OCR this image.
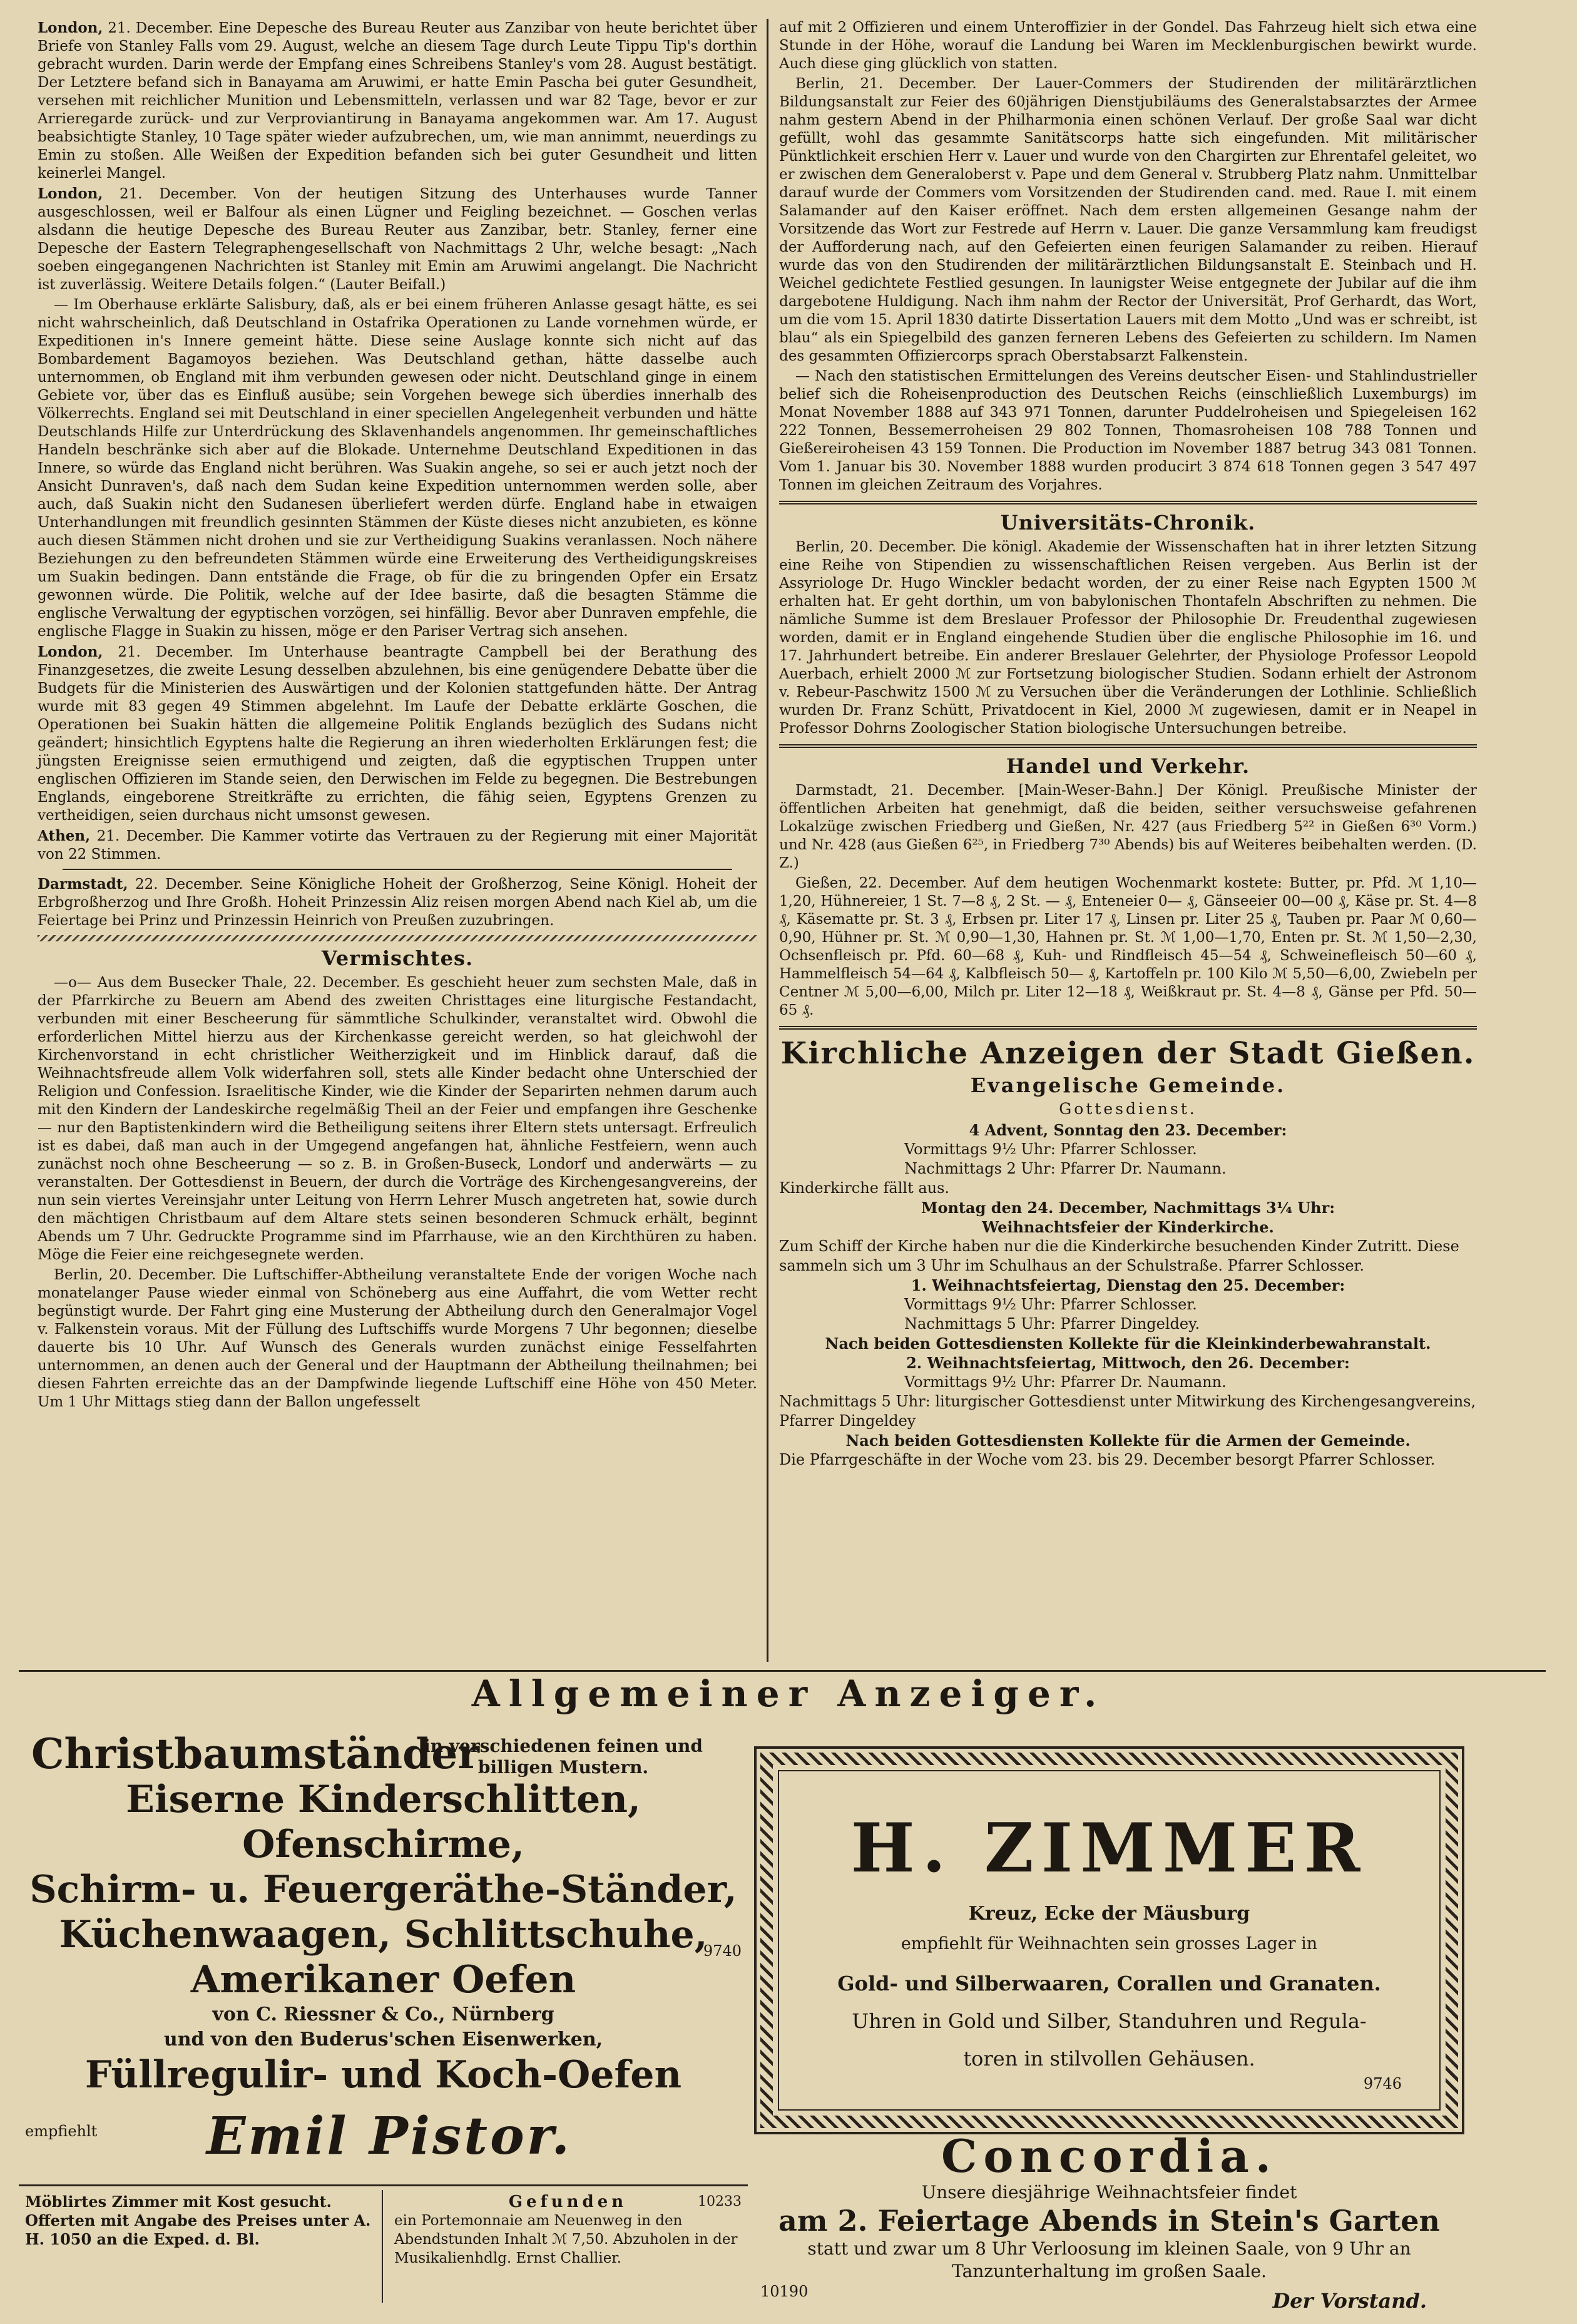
London, 21. December. Eine Depesche des Bureau Reuter aus Zanzibar von heute berichtet über Briefe von Stanley Falls vom 29. August, welche an diesem Tage durch Leute Tippu Tip's dorthin gebracht wurden. Darin werde der Empfang eines Schreibens Stanley's vom 28. August bestätigt. Der Letztere befand sich in Banayama am Aruwimi, er hatte Emin Pascha bei guter Gesundheit, versehen mit reichlicher Munition und Lebensmitteln, verlassen und war 82 Tage, bevor er zur Arrieregarde zurück- und zur Verproviantirung in Banayama angekommen war. Am 17. August beabsichtigte Stanley, 10 Tage später wieder aufzubrechen, um, wie man annimmt, neuerdings zu Emin zu stoßen. Alle Weißen der Expedition befanden sich bei guter Gesundheit und litten keinerlei Mangel.

London, 21. December. Von der heutigen Sitzung des Unterhauses wurde Tanner ausgeschlossen, weil er Balfour als einen Lügner und Feigling bezeichnet. — Goschen verlas alsdann die heutige Depesche des Bureau Reuter aus Zanzibar, betr. Stanley, ferner eine Depesche der Eastern Telegraphengesellschaft von Nachmittags 2 Uhr, welche besagt: „Nach soeben eingegangenen Nachrichten ist Stanley mit Emin am Aruwimi angelangt. Die Nachricht ist zuverlässig. Weitere Details folgen.“ (Lauter Beifall.)

— Im Oberhause erklärte Salisbury, daß, als er bei einem früheren Anlasse gesagt hätte, es sei nicht wahrscheinlich, daß Deutschland in Ostafrika Operationen zu Lande vornehmen würde, er Expeditionen in's Innere gemeint hätte. Diese seine Auslage konnte sich nicht auf das Bombardement Bagamoyos beziehen. Was Deutschland gethan, hätte dasselbe auch unternommen, ob England mit ihm verbunden gewesen oder nicht. Deutschland ginge in einem Gebiete vor, über das es Einfluß ausübe; sein Vorgehen bewege sich überdies innerhalb des Völkerrechts. England sei mit Deutschland in einer speciellen Angelegenheit verbunden und hätte Deutschlands Hilfe zur Unterdrückung des Sklavenhandels angenommen. Ihr gemeinschaftliches Handeln beschränke sich aber auf die Blokade. Unternehme Deutschland Expeditionen in das Innere, so würde das England nicht berühren. Was Suakin angehe, so sei er auch jetzt noch der Ansicht Dunraven's, daß nach dem Sudan keine Expedition unternommen werden solle, aber auch, daß Suakin nicht den Sudanesen überliefert werden dürfe. England habe in etwaigen Unterhandlungen mit freundlich gesinnten Stämmen der Küste dieses nicht anzubieten, es könne auch diesen Stämmen nicht drohen und sie zur Vertheidigung Suakins veranlassen. Noch nähere Beziehungen zu den befreundeten Stämmen würde eine Erweiterung des Vertheidigungskreises um Suakin bedingen. Dann entstände die Frage, ob für die zu bringenden Opfer ein Ersatz gewonnen würde. Die Politik, welche auf der Idee basirte, daß die besagten Stämme die englische Verwaltung der egyptischen vorzögen, sei hinfällig. Bevor aber Dunraven empfehle, die englische Flagge in Suakin zu hissen, möge er den Pariser Vertrag sich ansehen.

London, 21. December. Im Unterhause beantragte Campbell bei der Berathung des Finanzgesetzes, die zweite Lesung desselben abzulehnen, bis eine genügendere Debatte über die Budgets für die Ministerien des Auswärtigen und der Kolonien stattgefunden hätte. Der Antrag wurde mit 83 gegen 49 Stimmen abgelehnt. Im Laufe der Debatte erklärte Goschen, die Operationen bei Suakin hätten die allgemeine Politik Englands bezüglich des Sudans nicht geändert; hinsichtlich Egyptens halte die Regierung an ihren wiederholten Erklärungen fest; die jüngsten Ereignisse seien ermuthigend und zeigten, daß die egyptischen Truppen unter englischen Offizieren im Stande seien, den Derwischen im Felde zu begegnen. Die Bestrebungen Englands, eingeborene Streitkräfte zu errichten, die fähig seien, Egyptens Grenzen zu vertheidigen, seien durchaus nicht umsonst gewesen.

Athen, 21. December. Die Kammer votirte das Vertrauen zu der Regierung mit einer Majorität von 22 Stimmen.

Darmstadt, 22. December. Seine Königliche Hoheit der Großherzog, Seine Königl. Hoheit der Erbgroßherzog und Ihre Großh. Hoheit Prinzessin Aliz reisen morgen Abend nach Kiel ab, um die Feiertage bei Prinz und Prinzessin Heinrich von Preußen zuzubringen.

Vermischtes.

—o— Aus dem Busecker Thale, 22. December. Es geschieht heuer zum sechsten Male, daß in der Pfarrkirche zu Beuern am Abend des zweiten Christtages eine liturgische Festandacht, verbunden mit einer Bescheerung für sämmtliche Schulkinder, veranstaltet wird. Obwohl die erforderlichen Mittel hierzu aus der Kirchenkasse gereicht werden, so hat gleichwohl der Kirchenvorstand in echt christlicher Weitherzigkeit und im Hinblick darauf, daß die Weihnachtsfreude allem Volk widerfahren soll, stets alle Kinder bedacht ohne Unterschied der Religion und Confession. Israelitische Kinder, wie die Kinder der Separirten nehmen darum auch mit den Kindern der Landeskirche regelmäßig Theil an der Feier und empfangen ihre Geschenke — nur den Baptistenkindern wird die Betheiligung seitens ihrer Eltern stets untersagt. Erfreulich ist es dabei, daß man auch in der Umgegend angefangen hat, ähnliche Festfeiern, wenn auch zunächst noch ohne Bescheerung — so z. B. in Großen-Buseck, Londorf und anderwärts — zu veranstalten. Der Gottesdienst in Beuern, der durch die Vorträge des Kirchengesangvereins, der nun sein viertes Vereinsjahr unter Leitung von Herrn Lehrer Musch angetreten hat, sowie durch den mächtigen Christbaum auf dem Altare stets seinen besonderen Schmuck erhält, beginnt Abends um 7 Uhr. Gedruckte Programme sind im Pfarrhause, wie an den Kirchthüren zu haben. Möge die Feier eine reichgesegnete werden.

Berlin, 20. December. Die Luftschiffer-Abtheilung veranstaltete Ende der vorigen Woche nach monatelanger Pause wieder einmal von Schöneberg aus eine Auffahrt, die vom Wetter recht begünstigt wurde. Der Fahrt ging eine Musterung der Abtheilung durch den Generalmajor Vogel v. Falkenstein voraus. Mit der Füllung des Luftschiffs wurde Morgens 7 Uhr begonnen; dieselbe dauerte bis 10 Uhr. Auf Wunsch des Generals wurden zunächst einige Fesselfahrten unternommen, an denen auch der General und der Hauptmann der Abtheilung theilnahmen; bei diesen Fahrten erreichte das an der Dampfwinde liegende Luftschiff eine Höhe von 450 Meter. Um 1 Uhr Mittags stieg dann der Ballon ungefesselt

auf mit 2 Offizieren und einem Unteroffizier in der Gondel. Das Fahrzeug hielt sich etwa eine Stunde in der Höhe, worauf die Landung bei Waren im Mecklenburgischen bewirkt wurde. Auch diese ging glücklich von statten.

Berlin, 21. December. Der Lauer-Commers der Studirenden der militärärztlichen Bildungsanstalt zur Feier des 60jährigen Dienstjubiläums des Generalstabsarztes der Armee nahm gestern Abend in der Philharmonia einen schönen Verlauf. Der große Saal war dicht gefüllt, wohl das gesammte Sanitätscorps hatte sich eingefunden. Mit militärischer Pünktlichkeit erschien Herr v. Lauer und wurde von den Chargirten zur Ehrentafel geleitet, wo er zwischen dem Generaloberst v. Pape und dem General v. Strubberg Platz nahm. Unmittelbar darauf wurde der Commers vom Vorsitzenden der Studirenden cand. med. Raue I. mit einem Salamander auf den Kaiser eröffnet. Nach dem ersten allgemeinen Gesange nahm der Vorsitzende das Wort zur Festrede auf Herrn v. Lauer. Die ganze Versammlung kam freudigst der Aufforderung nach, auf den Gefeierten einen feurigen Salamander zu reiben. Hierauf wurde das von den Studirenden der militärärztlichen Bildungsanstalt E. Steinbach und H. Weichel gedichtete Festlied gesungen. In launigster Weise entgegnete der Jubilar auf die ihm dargebotene Huldigung. Nach ihm nahm der Rector der Universität, Prof Gerhardt, das Wort, um die vom 15. April 1830 datirte Dissertation Lauers mit dem Motto „Und was er schreibt, ist blau“ als ein Spiegelbild des ganzen ferneren Lebens des Gefeierten zu schildern. Im Namen des gesammten Offiziercorps sprach Oberstabsarzt Falkenstein.

— Nach den statistischen Ermittelungen des Vereins deutscher Eisen- und Stahlindustrieller belief sich die Roheisenproduction des Deutschen Reichs (einschließlich Luxemburgs) im Monat November 1888 auf 343 971 Tonnen, darunter Puddelroheisen und Spiegeleisen 162 222 Tonnen, Bessemerroheisen 29 802 Tonnen, Thomasroheisen 108 788 Tonnen und Gießereiroheisen 43 159 Tonnen. Die Production im November 1887 betrug 343 081 Tonnen. Vom 1. Januar bis 30. November 1888 wurden producirt 3 874 618 Tonnen gegen 3 547 497 Tonnen im gleichen Zeitraum des Vorjahres.

Universitäts-Chronik.

Berlin, 20. December. Die königl. Akademie der Wissenschaften hat in ihrer letzten Sitzung eine Reihe von Stipendien zu wissenschaftlichen Reisen vergeben. Aus Berlin ist der Assyriologe Dr. Hugo Winckler bedacht worden, der zu einer Reise nach Egypten 1500 ℳ erhalten hat. Er geht dorthin, um von babylonischen Thontafeln Abschriften zu nehmen. Die nämliche Summe ist dem Breslauer Professor der Philosophie Dr. Freudenthal zugewiesen worden, damit er in England eingehende Studien über die englische Philosophie im 16. und 17. Jahrhundert betreibe. Ein anderer Breslauer Gelehrter, der Physiologe Professor Leopold Auerbach, erhielt 2000 ℳ zur Fortsetzung biologischer Studien. Sodann erhielt der Astronom v. Rebeur-Paschwitz 1500 ℳ zu Versuchen über die Veränderungen der Lothlinie. Schließlich wurden Dr. Franz Schütt, Privatdocent in Kiel, 2000 ℳ zugewiesen, damit er in Neapel in Professor Dohrns Zoologischer Station biologische Untersuchungen betreibe.

Handel und Verkehr.

Darmstadt, 21. December. [Main-Weser-Bahn.] Der Königl. Preußische Minister der öffentlichen Arbeiten hat genehmigt, daß die beiden, seither versuchsweise gefahrenen Lokalzüge zwischen Friedberg und Gießen, Nr. 427 (aus Friedberg 5²² in Gießen 6³⁰ Vorm.) und Nr. 428 (aus Gießen 6²⁵, in Friedberg 7³⁰ Abends) bis auf Weiteres beibehalten werden. (D. Z.)

Gießen, 22. December. Auf dem heutigen Wochenmarkt kostete: Butter, pr. Pfd. ℳ 1,10—1,20, Hühnereier, 1 St. 7—8 ₰, 2 St. — ₰, Enteneier 0— ₰, Gänseeier 00—00 ₰, Käse pr. St. 4—8 ₰, Käsematte pr. St. 3 ₰, Erbsen pr. Liter 17 ₰, Linsen pr. Liter 25 ₰, Tauben pr. Paar ℳ 0,60—0,90, Hühner pr. St. ℳ 0,90—1,30, Hahnen pr. St. ℳ 1,00—1,70, Enten pr. St. ℳ 1,50—2,30, Ochsenfleisch pr. Pfd. 60—68 ₰, Kuh- und Rindfleisch 45—54 ₰, Schweinefleisch 50—60 ₰, Hammelfleisch 54—64 ₰, Kalbfleisch 50— ₰, Kartoffeln pr. 100 Kilo ℳ 5,50—6,00, Zwiebeln per Centner ℳ 5,00—6,00, Milch pr. Liter 12—18 ₰, Weißkraut pr. St. 4—8 ₰, Gänse per Pfd. 50—65 ₰.

Kirchliche Anzeigen der Stadt Gießen.
Evangelische Gemeinde.
Gottesdienst.

4 Advent, Sonntag den 23. December:

Vormittags 9½ Uhr: Pfarrer Schlosser.

Nachmittags 2 Uhr: Pfarrer Dr. Naumann.

Kinderkirche fällt aus.

Montag den 24. December, Nachmittags 3¼ Uhr:

Weihnachtsfeier der Kinderkirche.

Zum Schiff der Kirche haben nur die die Kinderkirche besuchenden Kinder Zutritt. Diese sammeln sich um 3 Uhr im Schulhaus an der Schulstraße. Pfarrer Schlosser.

1. Weihnachtsfeiertag, Dienstag den 25. December:

Vormittags 9½ Uhr: Pfarrer Schlosser.

Nachmittags 5 Uhr: Pfarrer Dingeldey.

Nach beiden Gottesdiensten Kollekte für die Kleinkinderbewahranstalt.

2. Weihnachtsfeiertag, Mittwoch, den 26. December:

Vormittags 9½ Uhr: Pfarrer Dr. Naumann.

Nachmittags 5 Uhr: liturgischer Gottesdienst unter Mitwirkung des Kirchengesangvereins, Pfarrer Dingeldey

Nach beiden Gottesdiensten Kollekte für die Armen der Gemeinde.

Die Pfarrgeschäfte in der Woche vom 23. bis 29. December besorgt Pfarrer Schlosser.

Allgemeiner Anzeiger.

Christbaumständer

in verschiedenen feinen und billigen Mustern.

Eiserne Kinderschlitten, Ofenschirme,

Schirm- u. Feuergeräthe-Ständer,

Küchenwaagen, Schlittschuhe,

Amerikaner Oefen

9740

von C. Riessner & Co., Nürnberg

und von den Buderus'schen Eisenwerken,

Füllregulir- und Koch-Oefen

empfiehlt Emil Pistor.
H. ZIMMER
Kreuz, Ecke der Mäusburg
empfiehlt für Weihnachten sein grosses Lager in
Gold- und Silberwaaren, Corallen und Granaten.
Uhren in Gold und Silber, Standuhren und Regula-
toren in stilvollen Gehäusen.
9746

Concordia.

Unsere diesjährige Weihnachtsfeier findet

am 2. Feiertage Abends in Stein's Garten

statt und zwar um 8 Uhr Verloosung im kleinen Saale, von 9 Uhr an Tanzunterhaltung im großen Saale.

10190	Der Vorstand.
Möblirtes Zimmer mit Kost gesucht. Offerten mit Angabe des Preises unter A. H. 1050 an die Exped. d. Bl.
Gefunden	10233
ein Portemonnaie am Neuenweg in den Abendstunden Inhalt ℳ 7,50. Abzuholen in der Musikalienhdlg. Ernst Challier.
